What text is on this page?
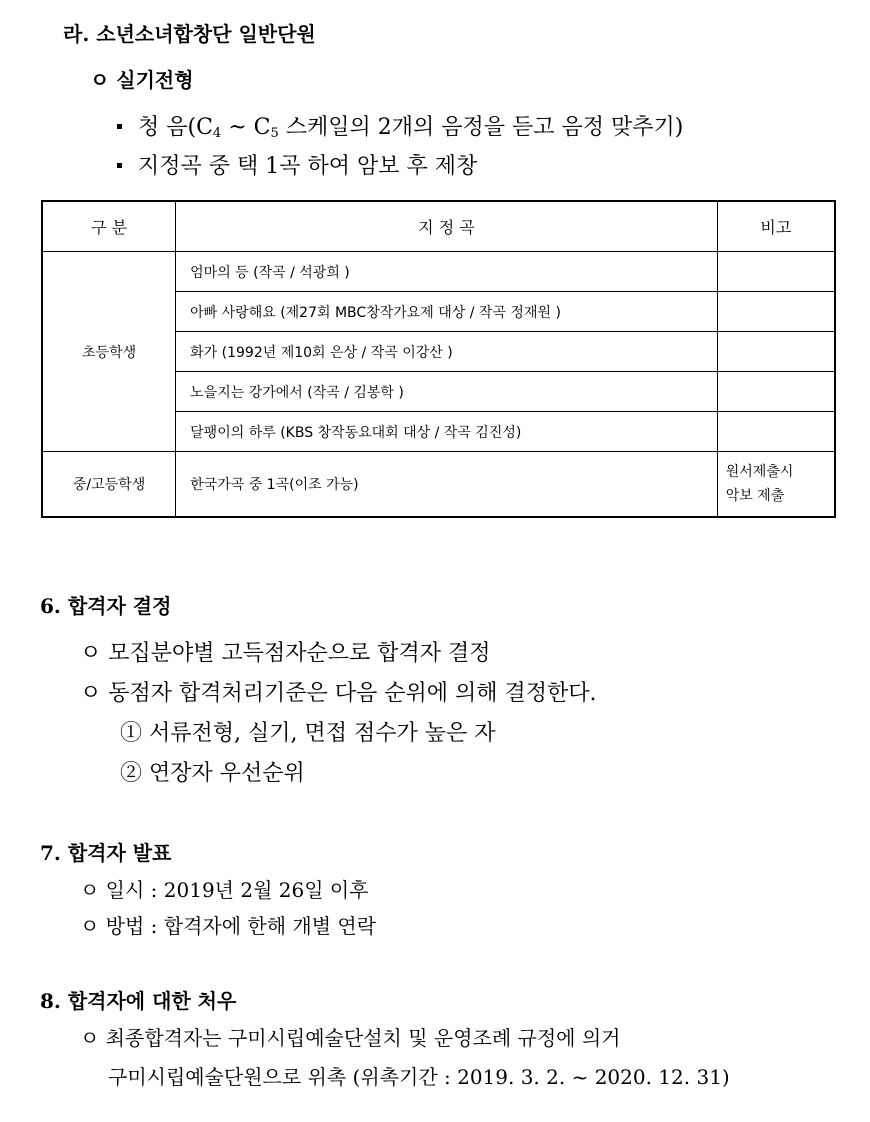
라. 소년소녀합창단 일반단원
ㅇ 실기전형
청 음($C_4$ ~ $C_5$ 스케일의 2개의 음정을 듣고 음정 맞추기)
지정곡 중 택 1곡 하여 암보 후 제창
구 분	지 정 곡	비고
초등학생	엄마의 등 (작곡 / 석광희 )	
	아빠 사랑해요 (제27회 MBC창작가요제 대상 / 작곡 정재원 )	
	화가 (1992년 제10회 은상 / 작곡 이강산 )	
	노을지는 강가에서 (작곡 / 김봉학 )	
	달팽이의 하루 (KBS 창작동요대회 대상 / 작곡 김진성)	
중/고등학생	한국가곡 중 1곡(이조 가능)	원서제출시
악보 제출
6. 합격자 결정
ㅇ 모집분야별 고득점자순으로 합격자 결정
ㅇ 동점자 합격처리기준은 다음 순위에 의해 결정한다.
① 서류전형, 실기, 면접 점수가 높은 자
② 연장자 우선순위
7. 합격자 발표
ㅇ 일시 : 2019년 2월 26일 이후
ㅇ 방법 : 합격자에 한해 개별 연락
8. 합격자에 대한 처우
ㅇ 최종합격자는 구미시립예술단설치 및 운영조례 규정에 의거
구미시립예술단원으로 위촉 (위촉기간 : 2019. 3. 2. ~ 2020. 12. 31)
